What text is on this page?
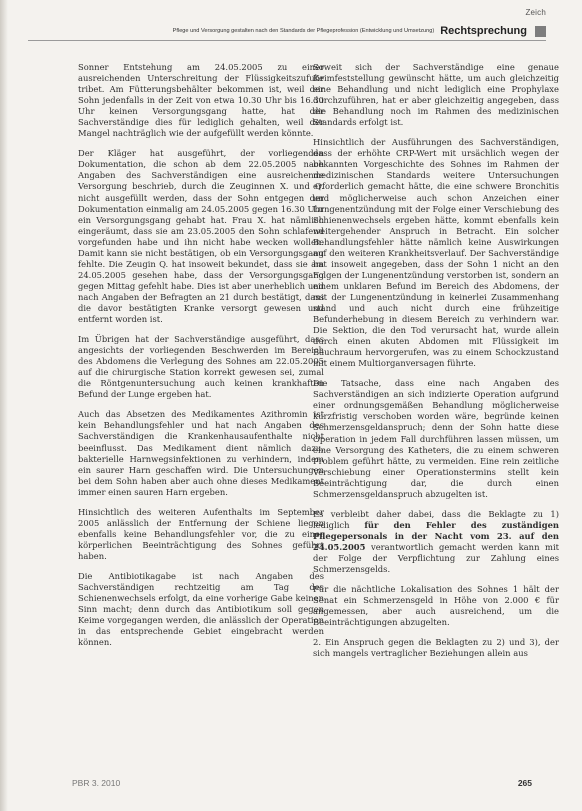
Zeich
Pflege und Versorgung gestalten nach den Standards der Pflegeprofession (Entwicklung und Umsetzung) Rechtsprechung

Sonner Entstehung am 24.05.2005 zu einer ausreichenden Unterschreitung der Flüssigkeitszufuhr tribet. Am Fütterungsbehälter bekommen ist, weil der Sohn jedenfalls in der Zeit von etwa 10.30 Uhr bis 16.30 Uhr keinen Versorgungsgang hatte, hat der Sachverständige dies für lediglich gehalten, weil der Mangel nachträglich wie der aufgefüllt werden könnte.

Der Kläger hat ausgeführt, der vorliegenden Dokumentation, die schon ab dem 22.05.2005 nach Angaben des Sachverständigen eine ausreichende Versorgung beschrieb, durch die Zeuginnen X. und Q. nicht ausgefüllt werden, dass der Sohn entgegen der Dokumentation einmalig am 24.05.2005 gegen 16.30 Uhr ein Versorgungsgang gehabt hat. Frau X. hat nämlich eingeräumt, dass sie am 23.05.2005 den Sohn schlafend vorgefunden habe und ihn nicht habe wecken wollen. Damit kann sie nicht bestätigen, ob ein Versorgungsgang fehlte. Die Zeugin Q. hat insoweit bekundet, dass sie am 24.05.2005 gesehen habe, dass der Versorgungsgang gegen Mittag gefehlt habe. Dies ist aber unerheblich und nach Angaben der Befragten an 21 durch bestätigt, dass die davor bestätigten Kranke versorgt gewesen und entfernt worden ist.

Im Übrigen hat der Sachverständige ausgeführt, dass angesichts der vorliegenden Beschwerden im Bereich des Abdomens die Verlegung des Sohnes am 22.05.2005 auf die chirurgische Station korrekt gewesen sei, zumal die Röntgenuntersuchung auch keinen krankhaften Befund der Lunge ergeben hat.

Auch das Absetzen des Medikamentes Azithromin ist kein Behandlungsfehler und hat nach Angaben des Sachverständigen die Krankenhausaufenthalte nicht beeinflusst. Das Medikament dient nämlich dazu, bakterielle Harnwegsinfektionen zu verhindern, indem ein saurer Harn geschaffen wird. Die Untersuchungen bei dem Sohn haben aber auch ohne dieses Medikament immer einen sauren Harn ergeben.

Hinsichtlich des weiteren Aufenthalts im September 2005 anlässlich der Entfernung der Schiene liegen ebenfalls keine Behandlungsfehler vor, die zu einer körperlichen Beeinträchtigung des Sohnes geführt haben.

Die Antibiotikagabe ist nach Angaben des Sachverständigen rechtzeitig am Tag des Schienenwechsels erfolgt, da eine vorherige Gabe keinen Sinn macht; denn durch das Antibiotikum soll gegen Keime vorgegangen werden, die anlässlich der Operation in das entsprechende Gebiet eingebracht werden können.

Soweit sich der Sachverständige eine genaue Keimfeststellung gewünscht hätte, um auch gleichzeitig eine Behandlung und nicht lediglich eine Prophylaxe durchzuführen, hat er aber gleichzeitig angegeben, dass die Behandlung noch im Rahmen des medizinischen Standards erfolgt ist.

Hinsichtlich der Ausführungen des Sachverständigen, dass der erhöhte CRP-Wert mit ursächlich wegen der bekannten Vorgeschichte des Sohnes im Rahmen der medizinischen Standards weitere Untersuchungen erforderlich gemacht hätte, die eine schwere Bronchitis und möglicherweise auch schon Anzeichen einer Lungenentzündung mit der Folge einer Verschiebung des Schienenwechsels ergeben hätte, kommt ebenfalls kein weitergehender Anspruch in Betracht. Ein solcher Behandlungsfehler hätte nämlich keine Auswirkungen auf den weiteren Krankheitsverlauf. Der Sachverständige hat insoweit angegeben, dass der Sohn 1 nicht an den Folgen der Lungenentzündung verstorben ist, sondern an einem unklaren Befund im Bereich des Abdomens, der mit der Lungenentzündung in keinerlei Zusammenhang stand und auch nicht durch eine frühzeitige Befunderhebung in diesem Bereich zu verhindern war. Die Sektion, die den Tod verursacht hat, wurde allein durch einen akuten Abdomen mit Flüssigkeit im Bauchraum hervorgerufen, was zu einem Schockzustand mit einem Multiorganversagen führte.

Die Tatsache, dass eine nach Angaben des Sachverständigen an sich indizierte Operation aufgrund einer ordnungsgemäßen Behandlung möglicherweise kurzfristig verschoben worden wäre, begründe keinen Schmerzensgeldanspruch; denn der Sohn hatte diese Operation in jedem Fall durchführen lassen müssen, um eine Versorgung des Katheters, die zu einem schweren Problem geführt hätte, zu vermeiden. Eine rein zeitliche Verschiebung einer Operationstermins stellt kein Beeinträchtigung dar, die durch einen Schmerzensgeldanspruch abzugelten ist.

Es verbleibt daher dabei, dass die Beklagte zu 1) lediglich für den Fehler des zuständigen Pflegepersonals in der Nacht vom 23. auf den 24.05.2005 verantwortlich gemacht werden kann mit der Folge der Verpflichtung zur Zahlung eines Schmerzensgelds.

Für die nächtliche Lokalisation des Sohnes 1 hält der Senat ein Schmerzensgeld in Höhe von 2.000 € für angemessen, aber auch ausreichend, um die Beeinträchtigungen abzugelten.

2. Ein Anspruch gegen die Beklagten zu 2) und 3), der sich mangels vertraglicher Beziehungen allein aus

PBR 3. 2010	265
